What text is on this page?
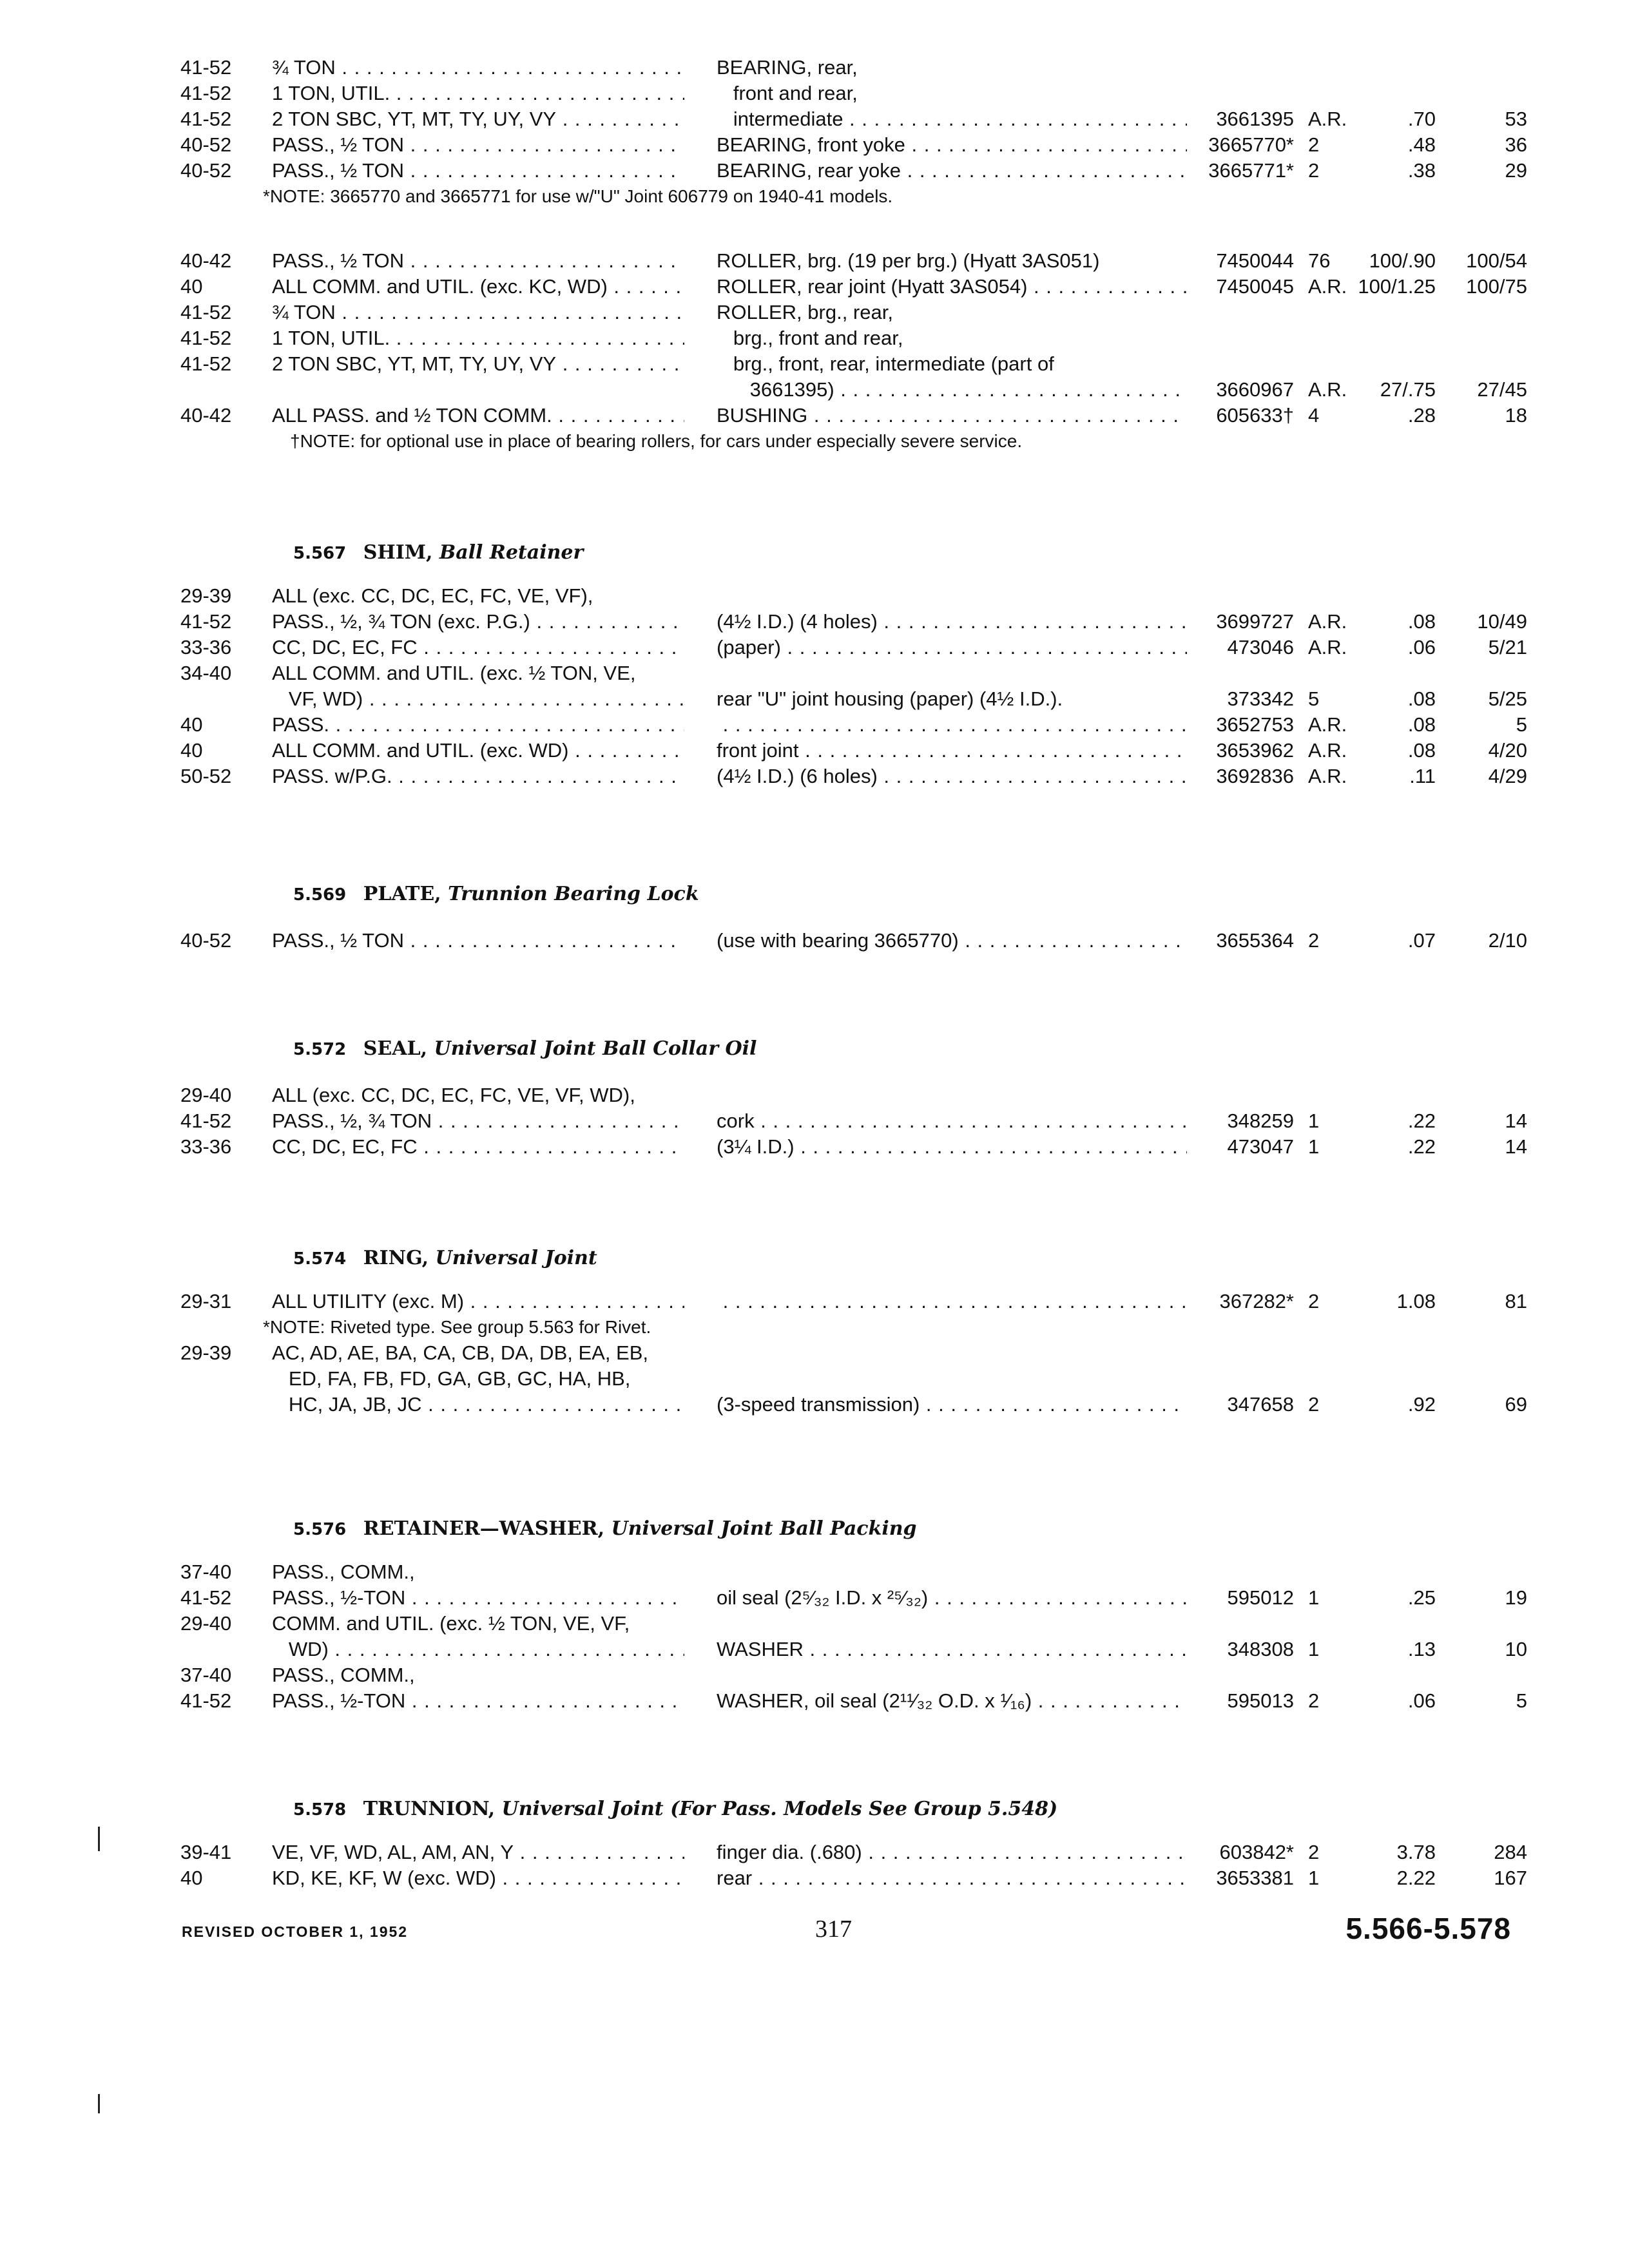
41-52	¾ TON . . .	BEARING, rear,
41-52	1 TON, UTIL. . . .	front and rear,
41-52	2 TON SBC, YT, MT, TY, UY, VY . . .	intermediate . . .	3661395 A.R.	.70	53
40-52	PASS., ½ TON . . .	BEARING, front yoke . . .	3665770* 2	.48	36
40-52	PASS., ½ TON . . .	BEARING, rear yoke . . .	3665771* 2	.38	29
*NOTE: 3665770 and 3665771 for use w/"U" Joint 606779 on 1940-41 models.
40-42	PASS., ½ TON . . .	ROLLER, brg. (19 per brg.) (Hyatt 3AS051)	7450044 76	100/.90 100/54
40	ALL COMM. and UTIL. (exc. KC, WD) . . .	ROLLER, rear joint (Hyatt 3AS054) . . .	7450045 A.R. 100/1.25 100/75
41-52	¾ TON . . .	ROLLER, brg., rear,
41-52	1 TON, UTIL. . . .	brg., front and rear,
41-52	2 TON SBC, YT, MT, TY, UY, VY . . .	brg., front, rear, intermediate (part of
3661395) . . .	3660967 A.R.	27/.75 27/45
40-42	ALL PASS. and ½ TON COMM. . . .	BUSHING . . .	605633† 4	.28	18
†NOTE: for optional use in place of bearing rollers, for cars under especially severe service.
5.567 SHIM, Ball Retainer
29-39	ALL (exc. CC, DC, EC, FC, VE, VF),
41-52	PASS., ½, ¾ TON (exc. P.G.) . . .	(4½ I.D.) (4 holes) . . .	3699727 A.R.	.08 10/49
33-36	CC, DC, EC, FC . . .	(paper) . . .	473046 A.R.	.06	5/21
34-40	ALL COMM. and UTIL. (exc. ½ TON, VE,
VF, WD) . . .	rear "U" joint housing (paper) (4½ I.D.).	373342 5	.08	5/25
40	PASS. . . . . . .	3652753 A.R.	.08	5
40	ALL COMM. and UTIL. (exc. WD) . . .	front joint . . .	3653962 A.R.	.08	4/20
50-52	PASS. w/P.G. . . .	(4½ I.D.) (6 holes) . . .	3692836 A.R.	.11	4/29
5.569 PLATE, Trunnion Bearing Lock
40-52	PASS., ½ TON . . .	(use with bearing 3665770) . . .	3655364 2	.07	2/10
5.572 SEAL, Universal Joint Ball Collar Oil
29-40	ALL (exc. CC, DC, EC, FC, VE, VF, WD),
41-52	PASS., ½, ¾ TON . . .	cork . . .	348259 1	.22	14
33-36	CC, DC, EC, FC . . .	(3¼ I.D.) . . .	473047 1	.22	14
5.574 RING, Universal Joint
29-31	ALL UTILITY (exc. M) . . . . . .	367282* 2	1.08	81
*NOTE: Riveted type. See group 5.563 for Rivet.
29-39	AC, AD, AE, BA, CA, CB, DA, DB, EA, EB,
ED, FA, FB, FD, GA, GB, GC, HA, HB,
HC, JA, JB, JC . . .	(3-speed transmission) . . .	347658 2	.92	69
5.576 RETAINER—WASHER, Universal Joint Ball Packing
37-40	PASS., COMM.,
41-52	PASS., ½-TON . . .	oil seal (2⁵⁄₃₂ I.D. x ²⁵⁄₃₂) . . .	595012 1	.25	19
29-40	COMM. and UTIL. (exc. ½ TON, VE, VF,
WD) . . .	WASHER . . .	348308 1	.13	10
37-40	PASS., COMM.,
41-52	PASS., ½-TON . . .	WASHER, oil seal (2¹¹⁄₃₂ O.D. x ¹⁄₁₆) . . .	595013 2	.06	5
5.578 TRUNNION, Universal Joint (For Pass. Models See Group 5.548)
39-41	VE, VF, WD, AL, AM, AN, Y . . .	finger dia. (.680) . . .	603842* 2	3.78	284
40	KD, KE, KF, W (exc. WD) . . .	rear . . .	3653381 1	2.22	167
REVISED OCTOBER 1, 1952	317	5.566-5.578
